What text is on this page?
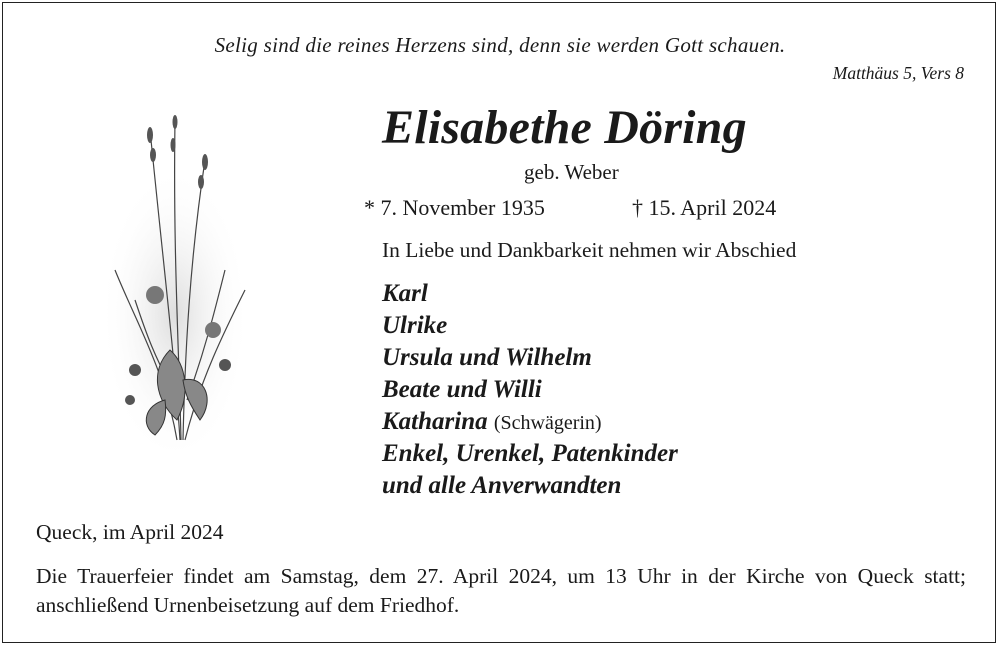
Selig sind die reines Herzens sind, denn sie werden Gott schauen.
Matthäus 5, Vers 8
Elisabethe Döring
geb. Weber
* 7. November 1935	† 15. April 2024
In Liebe und Dankbarkeit nehmen wir Abschied
Karl
Ulrike
Ursula und Wilhelm
Beate und Willi
Katharina (Schwägerin)
Enkel, Urenkel, Patenkinder
und alle Anverwandten
Queck, im April 2024
Die Trauerfeier findet am Samstag, dem 27. April 2024, um 13 Uhr in der Kirche von Queck statt; anschließend Urnenbeisetzung auf dem Friedhof.
